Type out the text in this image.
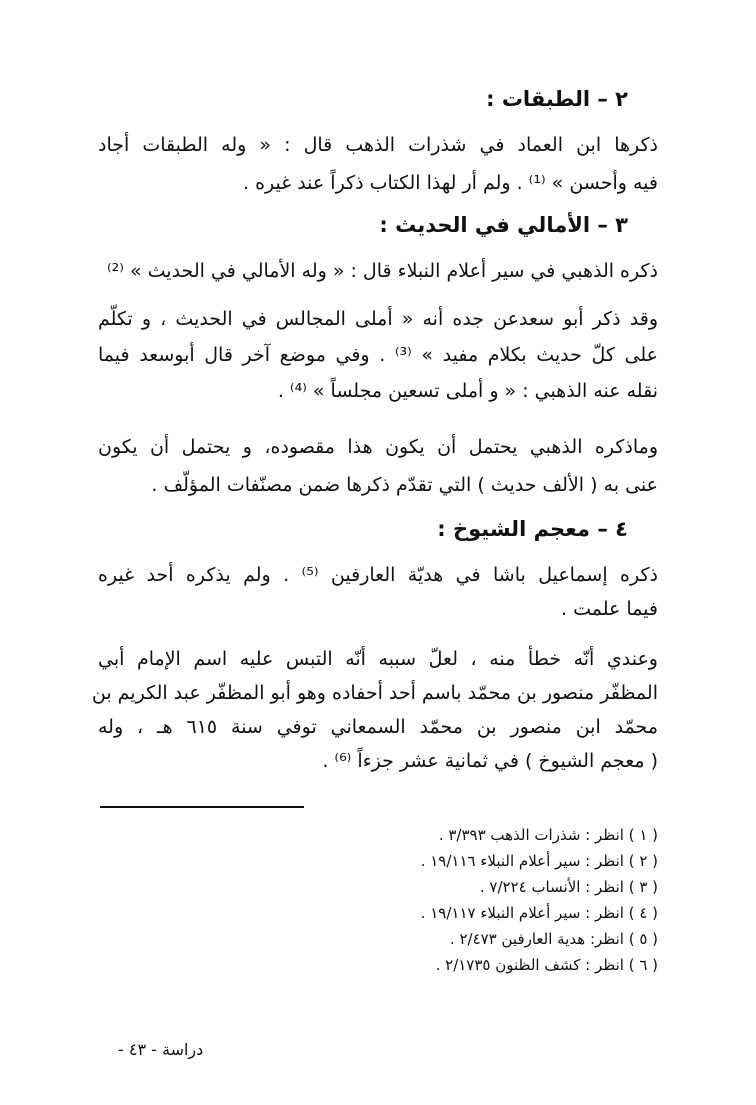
٢ – الطبقات :
ذكرها ابن العماد في شذرات الذهب قال : « وله الطبقات أجاد
فيه وأحسن » ⁽¹⁾ . ولم أر لهذا الكتاب ذكراً عند غيره .
٣ – الأمالي في الحديث :
ذكره الذهبي في سير أعلام النبلاء قال : « وله الأمالي في الحديث » ⁽²⁾
وقد ذكر أبو سعدعن جده أنه « أملى المجالس في الحديث ، و تكلّم
على كلّ حديث بكلام مفيد » ⁽³⁾ . وفي موضع آخر قال أبوسعد فيما
نقله عنه الذهبي : « و أملى تسعين مجلساً » ⁽⁴⁾ .
وماذكره الذهبي يحتمل أن يكون هذا مقصوده، و يحتمل أن يكون
عنى به ( الألف حديث ) التي تقدّم ذكرها ضمن مصنّفات المؤلّف .
٤ – معجم الشيوخ :
ذكره إسماعيل باشا في هديّة العارفين ⁽⁵⁾ . ولم يذكره أحد غيره
فيما علمت .
وعندي أنّه خطأ منه ، لعلّ سببه أنّه التبس عليه اسم الإمام أبي
المظفّر منصور بن محمّد باسم أحد أحفاده وهو أبو المظفّر عبد الكريم بن
محمّد ابن منصور بن محمّد السمعاني توفي سنة ٦١٥ هـ ، وله
( معجم الشيوخ ) في ثمانية عشر جزءاً ⁽⁶⁾ .
( ١ ) انظر : شذرات الذهب ٣/٣٩٣ .
( ٢ ) انظر : سير أعلام النبلاء ١٩/١١٦ .
( ٣ ) انظر : الأنساب ٧/٢٢٤ .
( ٤ ) انظر : سير أعلام النبلاء ١٩/١١٧ .
( ٥ ) انظر: هدية العارفين ٢/٤٧٣ .
( ٦ ) انظر : كشف الظنون ٢/١٧٣٥ .
دراسة - ٤٣ -
